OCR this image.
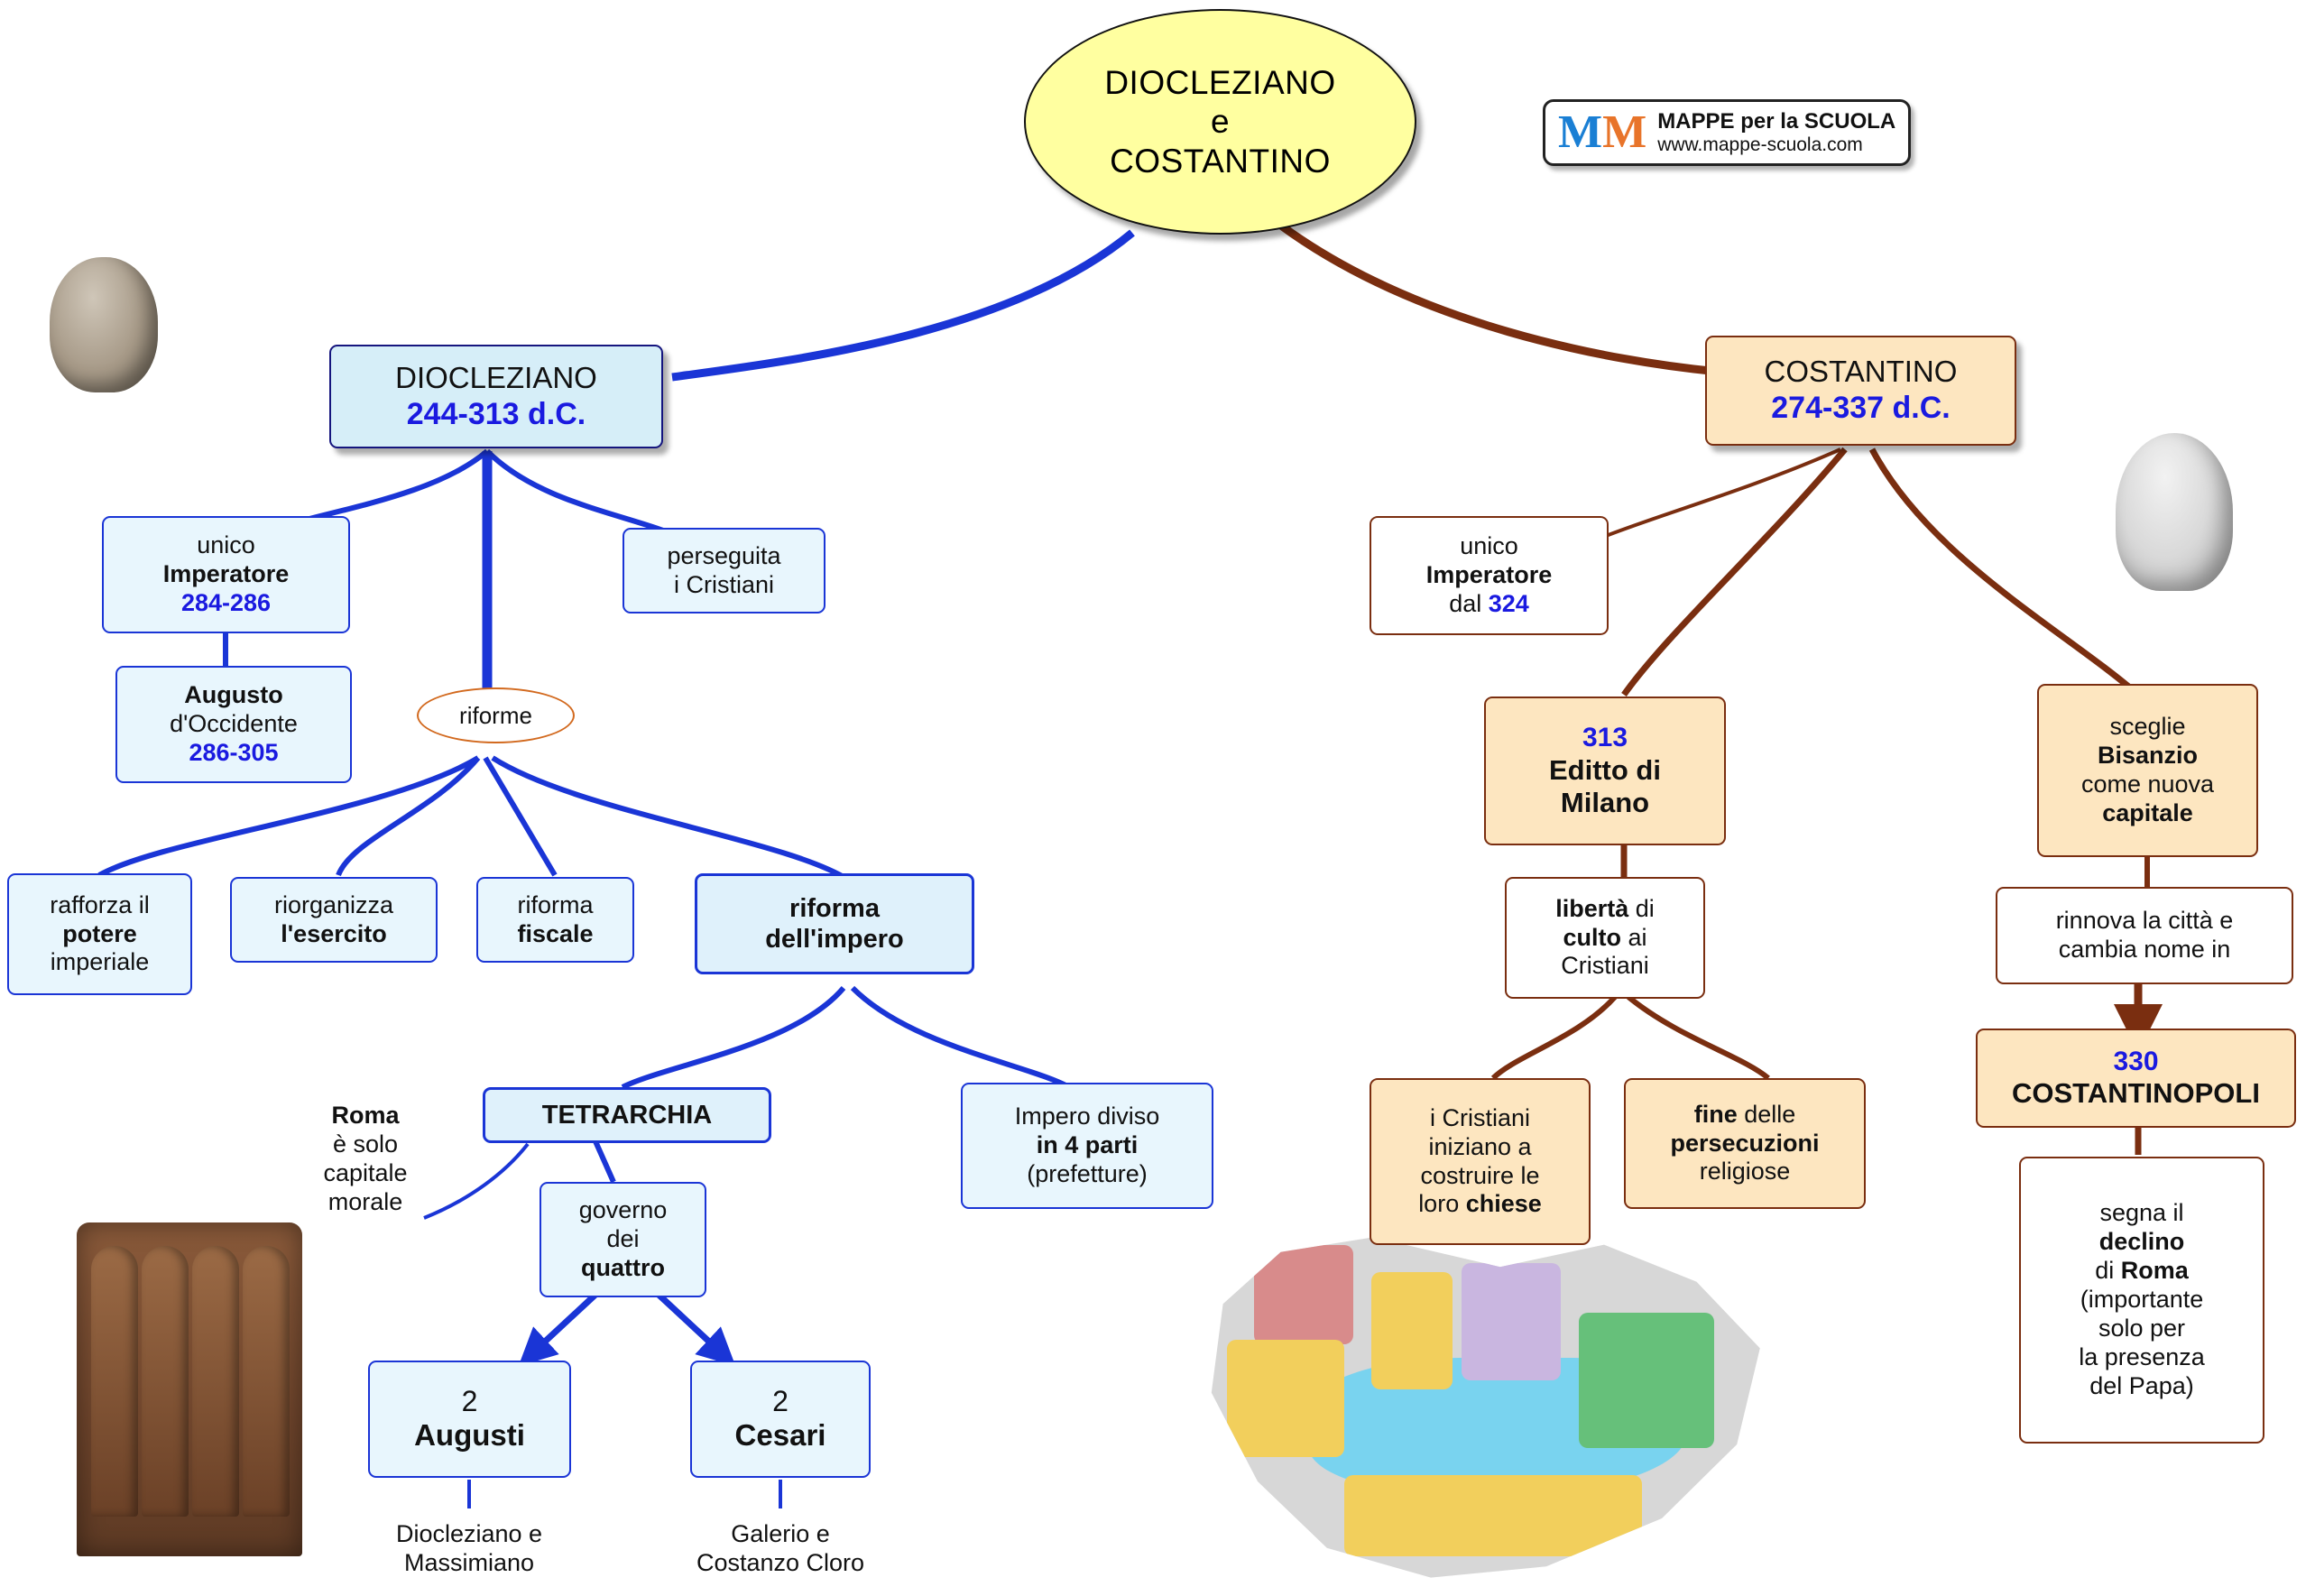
DIOCLEZIANO
e
COSTANTINO
MM MAPPE per la SCUOLA
www.mappe-scuola.com
DIOCLEZIANO
244-313 d.C.
unico
Imperatore
284-286
Augusto
d'Occidente
286-305
perseguita
i Cristiani
riforme
rafforza il
potere
imperiale
riorganizza
l'esercito
riforma
fiscale
riforma
dell'impero
TETRARCHIA
Roma
è solo
capitale
morale	governo
dei
quattro
Impero diviso
in 4 parti
(prefetture)
2
Augusti
Diocleziano e
Massimiano
2
Cesari
Galerio e
Costanzo Cloro
COSTANTINO
274-337 d.C.
unico
Imperatore
dal 324
313
Editto di
Milano
libertà di
culto ai
Cristiani
i Cristiani
iniziano a
costruire le
loro chiese
fine delle
persecuzioni
religiose
sceglie
Bisanzio
come nuova
capitale
rinnova la città e
cambia nome in
330
COSTANTINOPOLI
segna il
declino
di Roma
(importante
solo per
la presenza
del Papa)
